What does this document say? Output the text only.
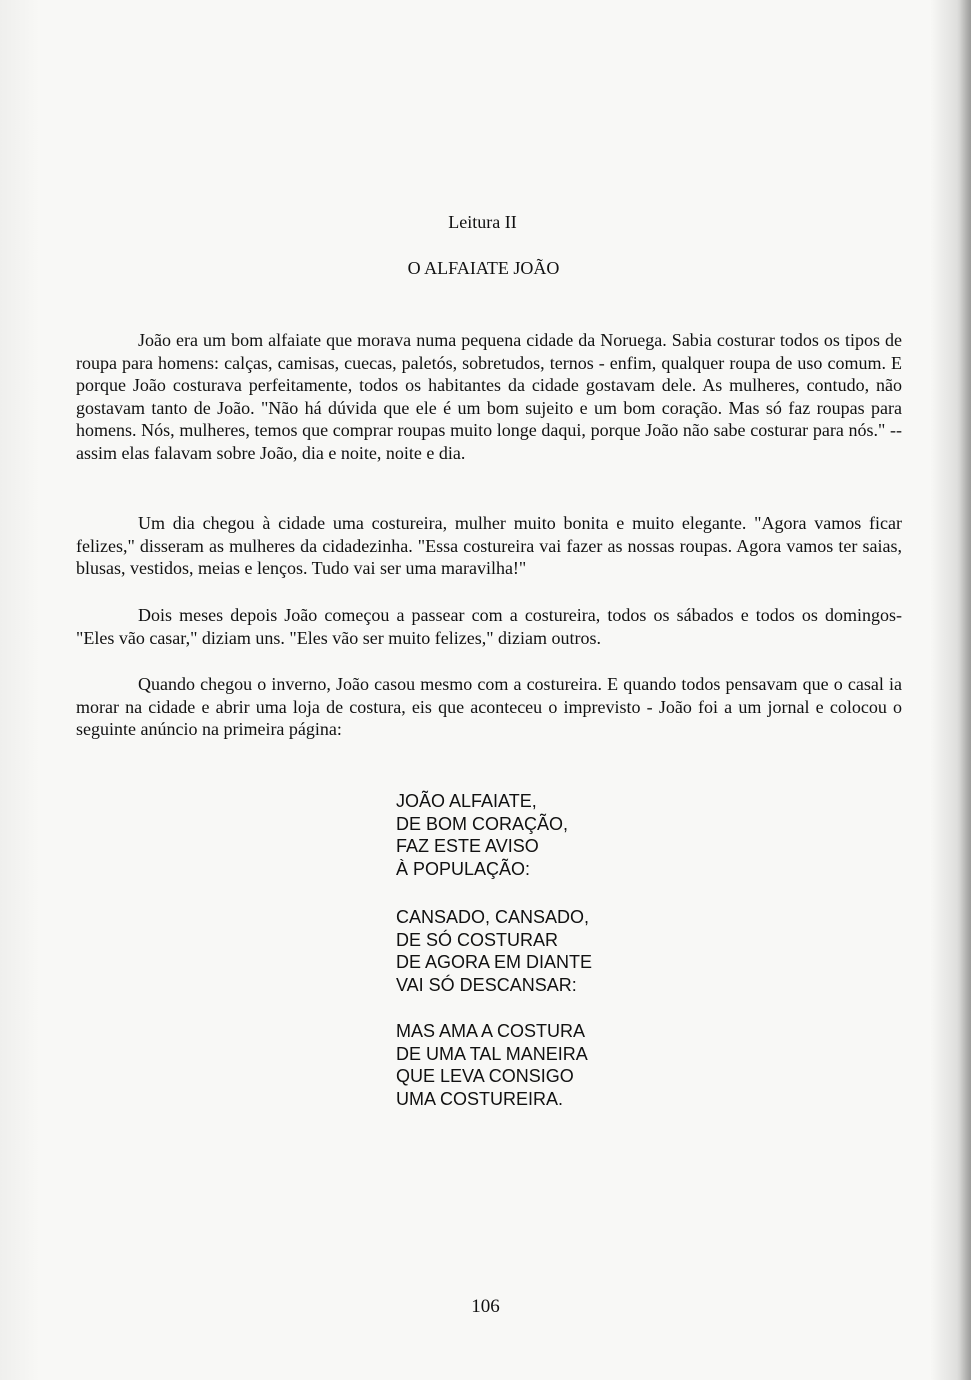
Leitura II
O ALFAIATE JOÃO

João era um bom alfaiate que morava numa pequena cidade da Noruega. Sabia costurar todos os tipos de roupa para homens: calças, camisas, cuecas, paletós, sobretudos, ternos - enfim, qualquer roupa de uso comum. E porque João costurava perfeitamente, todos os habitantes da cidade gostavam dele. As mulheres, contudo, não gostavam tanto de João. "Não há dúvida que ele é um bom sujeito e um bom coração. Mas só faz roupas para homens. Nós, mulheres, temos que comprar roupas muito longe daqui, porque João não sabe costurar para nós." -- assim elas falavam sobre João, dia e noite, noite e dia.

Um dia chegou à cidade uma costureira, mulher muito bonita e muito elegante. "Agora vamos ficar felizes," disseram as mulheres da cidadezinha. "Essa costureira vai fazer as nossas roupas. Agora vamos ter saias, blusas, vestidos, meias e lenços. Tudo vai ser uma maravilha!"

Dois meses depois João começou a passear com a costureira, todos os sábados e todos os domingos- "Eles vão casar," diziam uns. "Eles vão ser muito felizes," diziam outros.

Quando chegou o inverno, João casou mesmo com a costureira. E quando todos pensavam que o casal ia morar na cidade e abrir uma loja de costura, eis que aconteceu o imprevisto - João foi a um jornal e colocou o seguinte anúncio na primeira página:

JOÃO ALFAIATE,
DE BOM CORAÇÃO,
FAZ ESTE AVISO
À POPULAÇÃO:
CANSADO, CANSADO,
DE SÓ COSTURAR
DE AGORA EM DIANTE
VAI SÓ DESCANSAR:
MAS AMA A COSTURA
DE UMA TAL MANEIRA
QUE LEVA CONSIGO
UMA COSTUREIRA.
106
